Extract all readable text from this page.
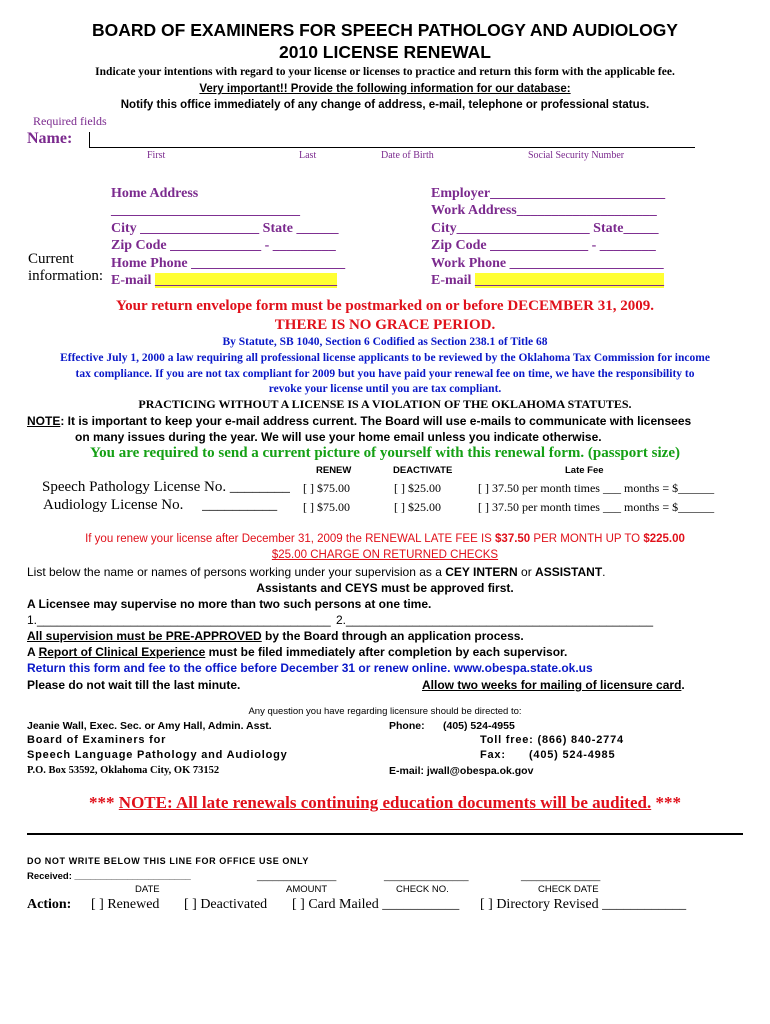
BOARD OF EXAMINERS FOR SPEECH PATHOLOGY AND AUDIOLOGY
2010 LICENSE RENEWAL
Indicate your intentions with regard to your license or licenses to practice and return this form with the applicable fee.
Very important!! Provide the following information for our database:
Notify this office immediately of any change of address, e-mail, telephone or professional status.
Required fields
Name:
First	Last	Date of Birth	Social Security Number
Current
information:
Home Address
___________________________
City _________________ State ______
Zip Code _____________ - _________
Home Phone ______________________
E-mail __________________________
Employer_________________________
Work Address____________________
City___________________ State_____
Zip Code ______________ - ________
Work Phone ______________________
E-mail ___________________________
Your return envelope form must be postmarked on or before DECEMBER 31, 2009.
THERE IS NO GRACE PERIOD.
By Statute, SB 1040, Section 6 Codified as Section 238.1 of Title 68
Effective July 1, 2000 a law requiring all professional license applicants to be reviewed by the Oklahoma Tax Commission for income
tax compliance. If you are not tax compliant for 2009 but you have paid your renewal fee on time, we have the responsibility to
revoke your license until you are tax compliant.
PRACTICING WITHOUT A LICENSE IS A VIOLATION OF THE OKLAHOMA STATUTES.
NOTE: It is important to keep your e-mail address current. The Board will use e-mails to communicate with licensees
on many issues during the year. We will use your home email unless you indicate otherwise.
You are required to send a current picture of yourself with this renewal form. (passport size)
RENEW	DEACTIVATE	Late Fee
Speech Pathology License No. ________ [ ] $75.00	[ ] $25.00	[ ] 37.50 per month times ___ months = $______
Audiology License No.     __________ [ ] $75.00	[ ] $25.00	[ ] 37.50 per month times ___ months = $______
If you renew your license after December 31, 2009 the RENEWAL LATE FEE IS $37.50 PER MONTH UP TO $225.00
$25.00 CHARGE ON RETURNED CHECKS
List below the name or names of persons working under your supervision as a CEY INTERN or ASSISTANT.
Assistants and CEYS must be approved first.
A Licensee may supervise no more than two such persons at one time.
1.____________________________________________ 2.______________________________________________
All supervision must be PRE-APPROVED by the Board through an application process.
A Report of Clinical Experience must be filed immediately after completion by each supervisor.
Return this form and fee to the office before December 31 or renew online. www.obespa.state.ok.us
Please do not wait till the last minute.	Allow two weeks for mailing of licensure card.
Any question you have regarding licensure should be directed to:
Jeanie Wall, Exec. Sec. or Amy Hall, Admin. Asst.	Phone: (405) 524-4955
Board of Examiners for	Toll free: (866) 840-2774
Speech Language Pathology and Audiology	Fax:      (405) 524-4985
P.O. Box 53592, Oklahoma City, OK 73152	E-mail: jwall@obespa.ok.gov
*** NOTE: All late renewals continuing education documents will be audited. ***
DO NOT WRITE BELOW THIS LINE FOR OFFICE USE ONLY
Received: ______________________	_______________	________________	_______________
DATE	AMOUNT	CHECK NO.	CHECK DATE
Action: [ ] Renewed [ ] Deactivated [ ] Card Mailed ___________ [ ] Directory Revised ____________
